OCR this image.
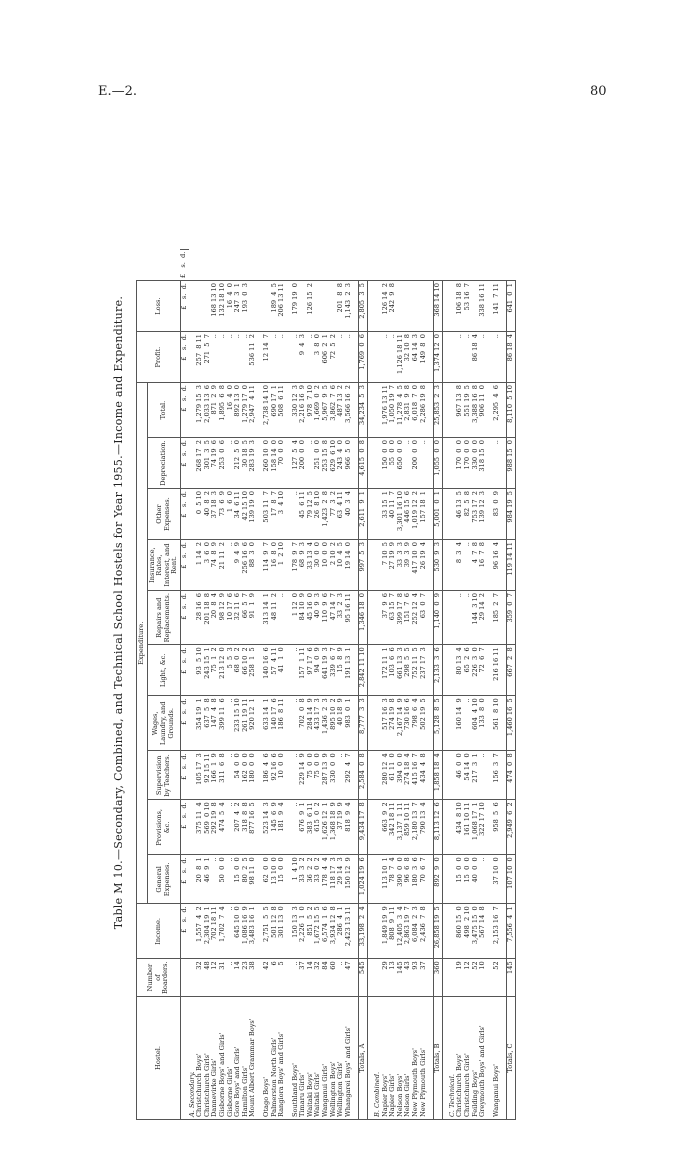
E.—2.	80
Table M 10.—Secondary, Combined, and Technical School Hostels for Year 1955.—Income and Expenditure.
Hostel.	Number of Boarders.	Income.	Expenditure.										Profit.	Loss.	
			General Expenses.	Provisions, &c.	Supervision by Teachers.	Wages, Laundry, and Grounds.	Light, &c.	Repairs and Replacements.	Insurance, Rates, Interest, and Rent.	Other Expenses.	Depreciation.	Total.			
		£   s.  d.	£   s.  d.	£   s.  d.	£   s.  d.	£   s.  d.	£   s.  d.	£   s.  d.	£   s.  d.	£   s.  d.	£   s.  d.	£   s.  d.	£   s.  d.	£   s.  d.	£   s.  d.
A. Secondary.															
Christchurch Boys'	32	1,557  4  2	20  8  1	375 11  4	105 17  3	354 19  1	93  5 10	28 16  6	1 14  2	0  5 10	268 17  2	1,279 15  3	257  8 11		
Christchurch Girls'	48	2,304 19  1	46  9  1	569  0 10	92 15 11	637  5  8	243 15  1	201 18  8	3  6  0	40  8  2	301  3  5	2,033 13  6	271  5  7		
Dannevirke Girls'	12	702 18 11	..	292 19  8	166  1  9	147  4  8	75  1  2	20  8  4	74  8  9	37 18  3	74 19  6	871  2  9	..	168 13 10	
Gisborne Boys' and Girls'	31	1,702  7  4	50  0  0	474  5  4	311  6  8	399 11  6	213 12  0	98 12  9	21 11  2	73  6  9	253  0  6	1,895  6  8	..	132 18 10	
Gisborne Girls'	..	..	..	..	..	..	5  5  3	10 17  6	..	1  6  0	..	16  4  0	..	16  4  0	
Gore Boys' and Girls'	14	645 10  0	15  0  0	207  4  2	54  0  0	233 15 10	68  0  2	32 11  6	9  4  9	34  6 11	212  5  0	892 13  0	..	247  3  1	
Hamilton Girls'	23	1,086 16  9	80  2  5	318  8  8	162  0  0	261 19 11	66 10  2	66  5  7	256 16  6	42 15 10	30 18  5	1,279 17  0	..	193  0  3	
Mount Albert Grammar Boys'	38	3,483 16  1	98 11  0	877 16  5	180  0  0	920 12  1	258  1  5	91  1  9	88  3  0	139 19  0	283 19  3	2,947  4 11	536 11  2		

Otago Boys'	42	2,751  5  5	62  0  0	523 14  3	186  4  6	633 14  1	140 16  6	313 14  1	114  9  7	503 11  7	260 10  0	2,738 14 10	12 14  7		
Palmerston North Girls'	6	501 12  8	13 10  0	145  6  9	92 16  6	140 17  6	57  4 11	48 11  2	16  8  0	17  8  7	158 14  0	690 17  1	..	189  4  5	
Rangiora Boys' and Girls'	5	301 13  0	15  0  0	181  9  4	10  0  0	186  8 11	41  1  0	..	1  2 10	3  4 10	70  0  0	508  6 11	..	206 13 11	

Southland Boys'	..	150 13  3	1  4 10	..	..	..	..	1 12  0	178  9  7	..	127  5  4	330 12  3	..	179 19  0	
Timaru Girls'	37	2,226  1  0	33  3  2	676  9  1	229 14  9	702  0  8	157  1 11	84 10  9	68  9  3	45  6 11	200  0  0	2,216 16  9	9  4  3		
Waitaki Boys'	14	851  5  2	36  2  2	383  6 11	75  0  0	284 14  9	97 17  6	45 16  0	33 13  4	79 12  5	..	978  7 10	..	126 15  2	
Waitaki Girls'	32	1,672 15  5	33  0  2	615  0  2	75  0  0	433 17  3	94  0  9	40  9  3	30  0  0	26  8 10	251  0  0	1,669  0  2	3  8  0		
Wanganui Girls'	84	6,574  1  6	178  4  4	1,626 12  1	287 13  9	1,436  2  3	641 19  3	110  9  6	10  0  0	1,423  2  8	253 15  8	5,967  9  5	606  2  1		
Wellington Boys'	60	3,934 12  8	118 17  3	1,368 18  9	330  0  0	895 10  2	339  6  7	47 14  7	2 10  2	77  3  2	629  6 10	3,862  7  6	72  5  2		
Wellington Girls'	..	286  4  1	29 14  3	37 19  9	..	40 18  9	15  8  9	33  2  3	10  4  5	63  4 11	243  4  0	487 13  2	..	201  8  8	
Whangarei Boys' and Girls'	47	2,423 13 11	150 12  9	818  9  4	292  4  7	983  0  1	191 13  1	95 16 11	19 14  0	40  3  4	966  5  0	3,566 16  2	..	1,143  2  3	

Totals, A	545	33,198  2  4	1,024 19  6	9,434 17  8	2,584  0  8	8,777  3  3	2,842 11 10	1,346 18  0	997  5  3	2,611  9  1	4,615  0  8	34,234  5  3	1,769  0  6	2,805  3  5	

B. Combined.															
Napier Boys'	29	1,849 19  9	113 10  1	663  9  2	280 12  4	517 16  3	172 11  1	37  9  6	7 10  5	33 15  1	150  0  0	1,976 13 11	..	126 14  2	
Napier Girls'	13	808  9  11	78  7  4	342 18 11	61 11  0	274 19  8	103  6  6	63 15  7	27 19  9	40 11  7	55  0  0	1,050 19  7	..	242  9  8	
Nelson Boys'	145	12,405  3  4	390  0  0	3,137  1 11	394  0  0	2,167 14  9	661 13  3	399 17  8	33  3  3	3,301 16 10	650  0  0	11,278  4  5	1,126 18 11		
Nelson Girls'	43	2,863 19  7	96  6  8	859 10 11	274 18  4	730 16  6	298  5  5	151  7  6	39  3  9	446 15  6	..	2,831  9  8	32 10  8		
New Plymouth Boys'	93	6,084  2  3	180  3  6	2,180 13  7	415 16  7	798  6  4	752 11  5	252 12  4	417 10  0	1,019 12  2	200  0  0	6,018  7  0	64 14  3		
New Plymouth Girls'	37	2,436  7  8	70  6  7	790 13  4	434  4  8	502 19  5	237 17  3	63  0  7	26 19  4	157 18  1	..	2,286 19  8	149  8  0		

Totals, B	360	26,858 19  5	892  9  0	8,113 12  6	1,858 18  4	5,128  8  5	2,133  3  6	1,140  0  9	530  9  3	5,001  0  1	1,055  0  0	25,853  2  3	1,374 12  0	368 14 10	

C. Technical.															
Christchurch Boys'	19	860 15  0	15  0  0	434  8 10	46  0  0	160 14  9	80 13  4	..	8  3  4	46 13  5	170  0  0	967 13  8	..	106 18  8	
Christchurch Girls'	12	498  2 10	15  0  0	161 10 11	54 14  0	..	65  2  6	..	..	82  5  8	170  0  0	551 19  5	..	53 16  7	
Feilding Boys'	52	3,475 15  0	40  0  0	1,068 17  1	217  3  1	604  4 10	226  3  0	144  3 10	4  7  8	753 17  2	330  0  0	3,388 16  8	86 18  4		
Greymouth Boys' and Girls'	10	567 14  8	..	322 17 10	..	133  8  0	72  6  7	29 14  2	16  7  8	139 12  3	318 15  0	906 11  0	..	338 16 11	

Wanganui Boys'	52	2,153 16  7	37 10  0	958  5  6	156  3  7	561  8 10	216 16 11	185  2  7	96 16  4	83  0  9	..	2,295  4  6	..	141  7 11	

Totals, C	145	7,556  4  1	107 10  0	2,949  6  2	474  0  8	1,460 16  5	667  2  8	359  0  7	119 14 11	984 19  5	988 15  0	8,110  5 10	86 18  4	641  0  1	
